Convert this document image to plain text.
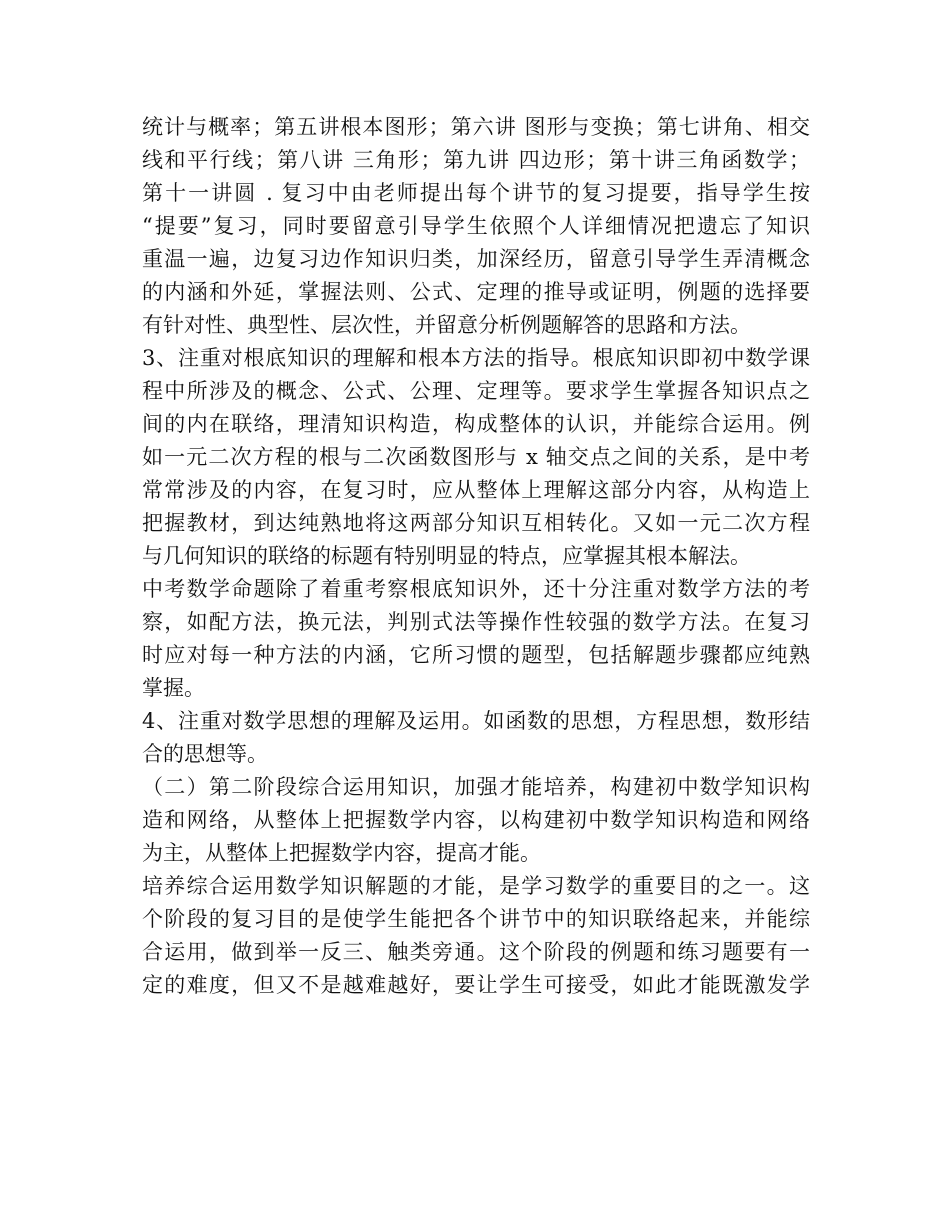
统计与概率；第五讲根本图形；第六讲 图形与变换；第七讲角、相交
线和平行线；第八讲 三角形；第九讲 四边形；第十讲三角函数学；
第十一讲圆 . 复习中由老师提出每个讲节的复习提要，指导学生按
“提要”复习，同时要留意引导学生依照个人详细情况把遗忘了知识
重温一遍，边复习边作知识归类，加深经历，留意引导学生弄清概念
的内涵和外延，掌握法则、公式、定理的推导或证明，例题的选择要
有针对性、典型性、层次性，并留意分析例题解答的思路和方法。
3、注重对根底知识的理解和根本方法的指导。根底知识即初中数学课
程中所涉及的概念、公式、公理、定理等。要求学生掌握各知识点之
间的内在联络，理清知识构造，构成整体的认识，并能综合运用。例
如一元二次方程的根与二次函数图形与 x 轴交点之间的关系，是中考
常常涉及的内容，在复习时，应从整体上理解这部分内容，从构造上
把握教材，到达纯熟地将这两部分知识互相转化。又如一元二次方程
与几何知识的联络的标题有特别明显的特点，应掌握其根本解法。
中考数学命题除了着重考察根底知识外，还十分注重对数学方法的考
察，如配方法，换元法，判别式法等操作性较强的数学方法。在复习
时应对每一种方法的内涵，它所习惯的题型，包括解题步骤都应纯熟
掌握。
4、注重对数学思想的理解及运用。如函数的思想，方程思想，数形结
合的思想等。
（二）第二阶段综合运用知识，加强才能培养，构建初中数学知识构
造和网络，从整体上把握数学内容，以构建初中数学知识构造和网络
为主，从整体上把握数学内容，提高才能。
培养综合运用数学知识解题的才能，是学习数学的重要目的之一。这
个阶段的复习目的是使学生能把各个讲节中的知识联络起来，并能综
合运用，做到举一反三、触类旁通。这个阶段的例题和练习题要有一
定的难度，但又不是越难越好，要让学生可接受，如此才能既激发学
